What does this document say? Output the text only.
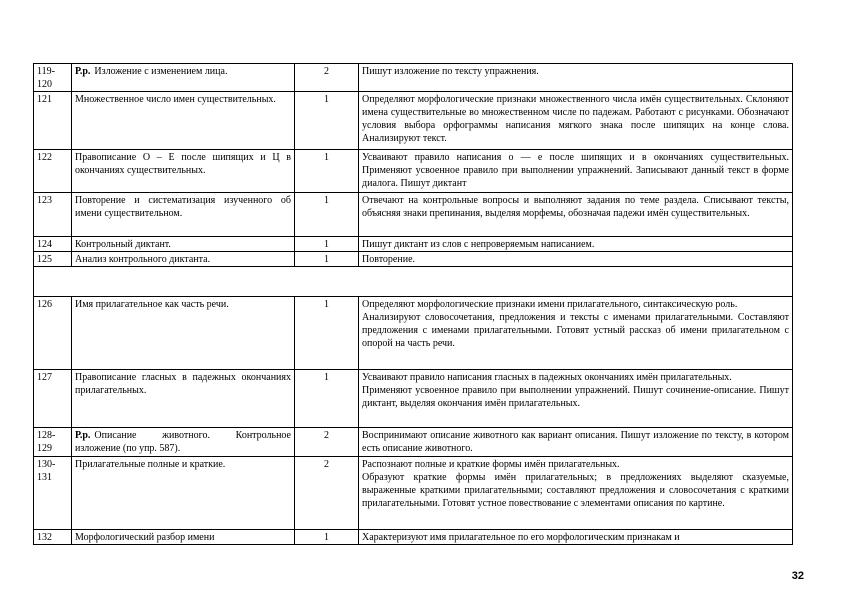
119-120	Р.р. Изложение с изменением лица.	2	Пишут изложение по тексту упражнения.

121	Множественное число имен существительных.	1	Определяют морфологические признаки множественного числа имён существительных. Склоняют имена существительные во множественном числе по падежам. Работают с рисунками. Обозначают условия выбора орфограммы написания мягкого знака после шипящих на конце слова. Анализируют текст.

122	Правописание О – Е после шипящих и Ц в окончаниях существительных.	1	Усваивают правило написания о — е после шипящих и в окончаниях существительных. Применяют усвоенное правило при выполнении упражнений. Записывают данный текст в форме диалога. Пишут диктант

123	Повторение и систематизация изученного об имени существительном.	1	Отвечают на контрольные вопросы и выполняют задания по теме раздела. Списывают тексты, объясняя знаки препинания, выделяя морфемы, обозначая падежи имён существительных.

124	Контрольный диктант.	1	Пишут диктант из слов с непроверяемым написанием.

125	Анализ контрольного диктанта.	1	Повторение.

126	Имя прилагательное как часть речи.	1	Определяют морфологические признаки имени прилагательного, синтаксическую роль.
Анализируют словосочетания, предложения и тексты с именами прилагательными. Составляют предложения с именами прилагательными. Готовят устный рассказ об имени прилагательном с опорой на часть речи.

127	Правописание гласных в падежных окончаниях прилагательных.	1	Усваивают правило написания гласных в падежных окончаниях имён прилагательных.
Применяют усвоенное правило при выполнении упражнений. Пишут сочинение-описание. Пишут диктант, выделяя окончания имён прилагательных.

128-129	Р.р. Описание животного. Контрольное изложение (по упр. 587).	2	Воспринимают описание животного как вариант описания. Пишут изложение по тексту, в котором есть описание животного.

130-131	Прилагательные полные и краткие.	2	Распознают полные и краткие формы имён прилагательных.
Образуют краткие формы имён прилагательных; в предложениях выделяют сказуемые, выраженные краткими прилагательными; составляют предложения и словосочетания с краткими прилагательными. Готовят устное повествование с элементами описания по картине.

132	Морфологический разбор имени	1	Характеризуют имя прилагательное по его морфологическим признакам и
32
